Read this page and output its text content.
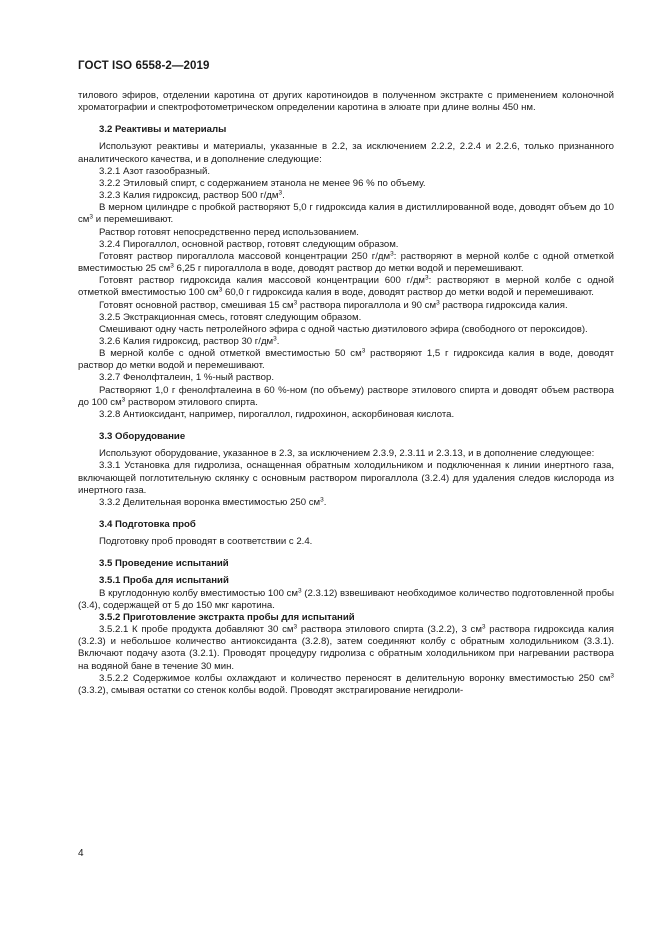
ГОСТ ISO 6558-2—2019

тилового эфиров, отделении каротина от других каротиноидов в полученном экстракте с применением колоночной хроматографии и спектрофотометрическом определении каротина в элюате при длине волны 450 нм.

3.2 Реактивы и материалы

Используют реактивы и материалы, указанные в 2.2, за исключением 2.2.2, 2.2.4 и 2.2.6, только признанного аналитического качества, и в дополнение следующие:

3.2.1 Азот газообразный.

3.2.2 Этиловый спирт, с содержанием этанола не менее 96 % по объему.

3.2.3 Калия гидроксид, раствор 500 $г/дм^3$.

В мерном цилиндре с пробкой растворяют 5,0 г гидроксида калия в дистиллированной воде, доводят объем до 10 $см^3$ и перемешивают.

Раствор готовят непосредственно перед использованием.

3.2.4 Пирогаллол, основной раствор, готовят следующим образом.

Готовят раствор пирогаллола массовой концентрации 250 $г/дм^3$: растворяют в мерной колбе с одной отметкой вместимостью 25 $см^3$ 6,25 г пирогаллола в воде, доводят раствор до метки водой и перемешивают.

Готовят раствор гидроксида калия массовой концентрации 600 $г/дм^3$: растворяют в мерной колбе с одной отметкой вместимостью 100 $см^3$ 60,0 г гидроксида калия в воде, доводят раствор до метки водой и перемешивают.

Готовят основной раствор, смешивая 15 $см^3$ раствора пирогаллола и 90 $см^3$ раствора гидроксида калия.

3.2.5 Экстракционная смесь, готовят следующим образом.

Смешивают одну часть петролейного эфира с одной частью диэтилового эфира (свободного от пероксидов).

3.2.6 Калия гидроксид, раствор 30 $г/дм^3$.

В мерной колбе с одной отметкой вместимостью 50 $см^3$ растворяют 1,5 г гидроксида калия в воде, доводят раствор до метки водой и перемешивают.

3.2.7 Фенолфталеин, 1 %-ный раствор.

Растворяют 1,0 г фенолфталеина в 60 %-ном (по объему) растворе этилового спирта и доводят объем раствора до 100 $см^3$ раствором этилового спирта.

3.2.8 Антиоксидант, например, пирогаллол, гидрохинон, аскорбиновая кислота.

3.3 Оборудование

Используют оборудование, указанное в 2.3, за исключением 2.3.9, 2.3.11 и 2.3.13, и в дополнение следующее:

3.3.1 Установка для гидролиза, оснащенная обратным холодильником и подключенная к линии инертного газа, включающей поглотительную склянку с основным раствором пирогаллола (3.2.4) для удаления следов кислорода из инертного газа.

3.3.2 Делительная воронка вместимостью 250 $см^3$.

3.4 Подготовка проб

Подготовку проб проводят в соответствии с 2.4.

3.5 Проведение испытаний

3.5.1 Проба для испытаний

В круглодонную колбу вместимостью 100 $см^3$ (2.3.12) взвешивают необходимое количество подготовленной пробы (3.4), содержащей от 5 до 150 мкг каротина.

3.5.2 Приготовление экстракта пробы для испытаний

3.5.2.1 К пробе продукта добавляют 30 $см^3$ раствора этилового спирта (3.2.2), 3 $см^3$ раствора гидроксида калия (3.2.3) и небольшое количество антиоксиданта (3.2.8), затем соединяют колбу с обратным холодильником (3.3.1). Включают подачу азота (3.2.1). Проводят процедуру гидролиза с обратным холодильником при нагревании раствора на водяной бане в течение 30 мин.

3.5.2.2 Содержимое колбы охлаждают и количество переносят в делительную воронку вместимостью 250 $см^3$ (3.3.2), смывая остатки со стенок колбы водой. Проводят экстрагирование негидроли-

4
